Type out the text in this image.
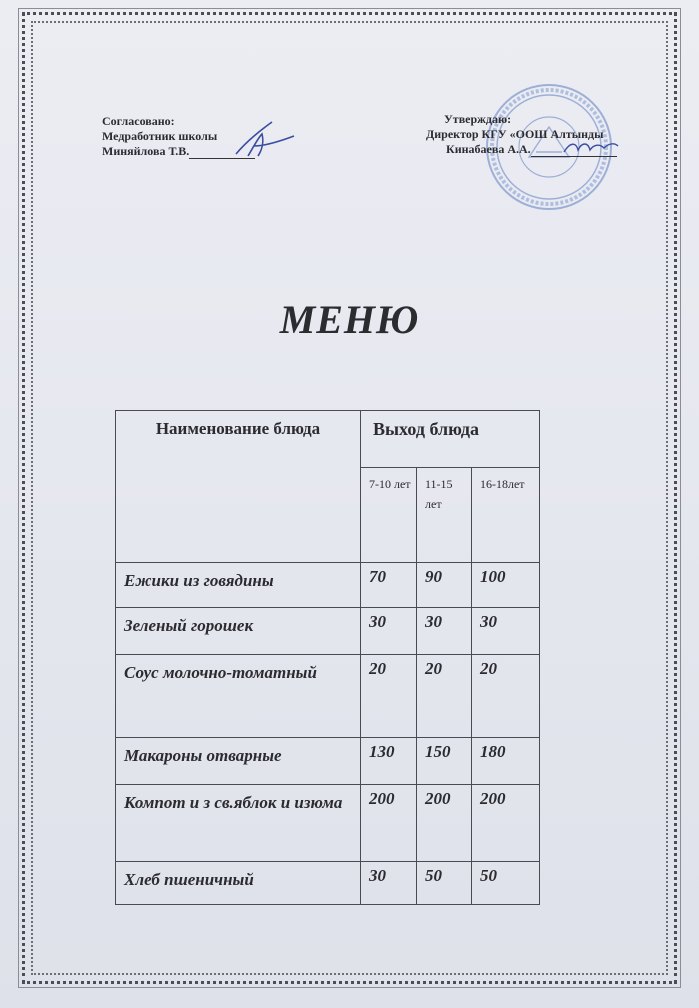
Согласовано:
Медработник школы
Миняйлова Т.В.
Утверждаю:
Директор КГУ «ООШ Алтынды
Кинабаева А.А.
МЕНЮ
Наименование блюда	Выход блюда		
	7-10 лет	11-15 лет	16-18лет
Ежики из говядины	70	90	100
Зеленый горошек	30	30	30
Соус молочно-томатный	20	20	20
Макароны отварные	130	150	180
Компот и з св.яблок и изюма	200	200	200
Хлеб пшеничный	30	50	50
